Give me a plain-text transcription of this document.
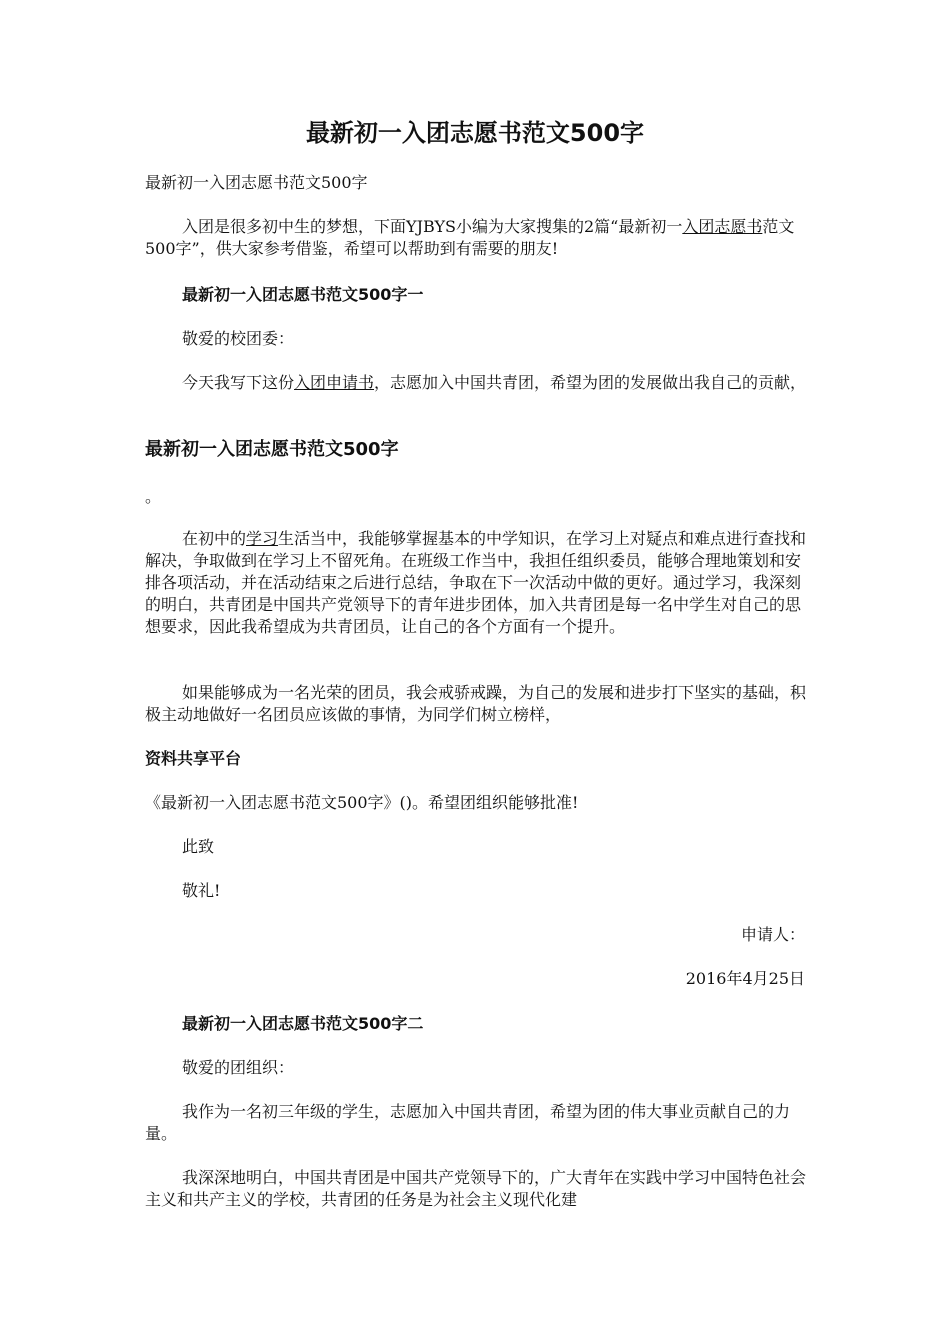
最新初一入团志愿书范文500字

最新初一入团志愿书范文500字

入团是很多初中生的梦想，下面YJBYS小编为大家搜集的2篇“最新初一入团志愿书范文500字”，供大家参考借鉴，希望可以帮助到有需要的朋友!

最新初一入团志愿书范文500字一

敬爱的校团委：

今天我写下这份入团申请书，志愿加入中国共青团，希望为团的发展做出我自己的贡献，

最新初一入团志愿书范文500字

。

在初中的学习生活当中，我能够掌握基本的中学知识，在学习上对疑点和难点进行查找和解决，争取做到在学习上不留死角。在班级工作当中，我担任组织委员，能够合理地策划和安排各项活动，并在活动结束之后进行总结，争取在下一次活动中做的更好。通过学习，我深刻的明白，共青团是中国共产党领导下的青年进步团体，加入共青团是每一名中学生对自己的思想要求，因此我希望成为共青团员，让自己的各个方面有一个提升。

如果能够成为一名光荣的团员，我会戒骄戒躁，为自己的发展和进步打下坚实的基础，积极主动地做好一名团员应该做的事情，为同学们树立榜样，

资料共享平台

《最新初一入团志愿书范文500字》()。希望团组织能够批准!

此致

敬礼!

申请人：

2016年4月25日

最新初一入团志愿书范文500字二

敬爱的团组织：

我作为一名初三年级的学生，志愿加入中国共青团，希望为团的伟大事业贡献自己的力量。

我深深地明白，中国共青团是中国共产党领导下的，广大青年在实践中学习中国特色社会主义和共产主义的学校，共青团的任务是为社会主义现代化建
